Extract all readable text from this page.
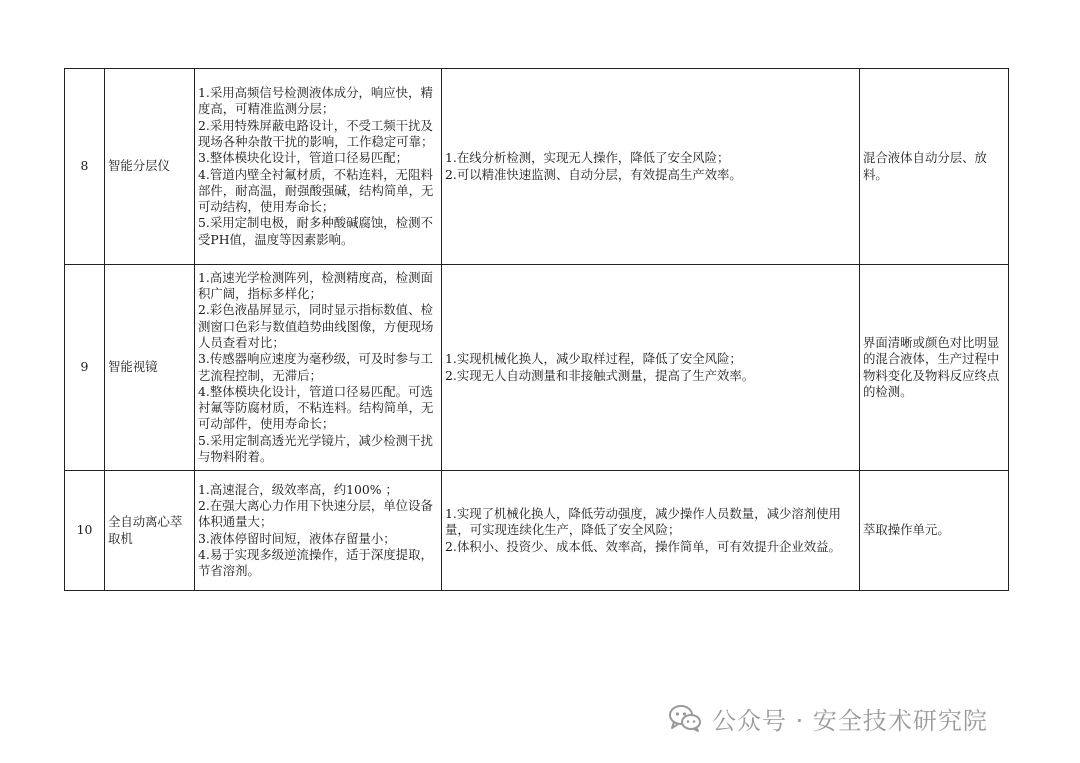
8	智能分层仪	1.采用高频信号检测液体成分，响应快，精度高，可精准监测分层；
2.采用特殊屏蔽电路设计，不受工频干扰及现场各种杂散干扰的影响，工作稳定可靠；
3.整体模块化设计，管道口径易匹配；
4.管道内壁全衬氟材质，不粘连料，无阻料部件，耐高温，耐强酸强碱，结构简单，无可动结构，使用寿命长；
5.采用定制电极，耐多种酸碱腐蚀，检测不受PH值，温度等因素影响。	1.在线分析检测，实现无人操作，降低了安全风险；
2.可以精准快速监测、自动分层，有效提高生产效率。	混合液体自动分层、放料。
9	智能视镜	1.高速光学检测阵列，检测精度高，检测面积广阔，指标多样化；
2.彩色液晶屏显示，同时显示指标数值、检测窗口色彩与数值趋势曲线图像，方便现场人员查看对比；
3.传感器响应速度为毫秒级，可及时参与工艺流程控制，无滞后；
4.整体模块化设计，管道口径易匹配。可选衬氟等防腐材质，不粘连料。结构简单，无可动部件，使用寿命长；
5.采用定制高透光光学镜片，减少检测干扰与物料附着。	1.实现机械化换人，减少取样过程，降低了安全风险；
2.实现无人自动测量和非接触式测量，提高了生产效率。	界面清晰或颜色对比明显的混合液体，生产过程中物料变化及物料反应终点的检测。
10	全自动离心萃取机	1.高速混合，级效率高，约100% ；
2.在强大离心力作用下快速分层，单位设备体积通量大；
3.液体停留时间短，液体存留量小；
4.易于实现多级逆流操作，适于深度提取，节省溶剂。	1.实现了机械化换人，降低劳动强度，减少操作人员数量，减少溶剂使用量，可实现连续化生产，降低了安全风险；
2.体积小、投资少、成本低、效率高，操作简单，可有效提升企业效益。	萃取操作单元。
公众号 · 安全技术研究院
